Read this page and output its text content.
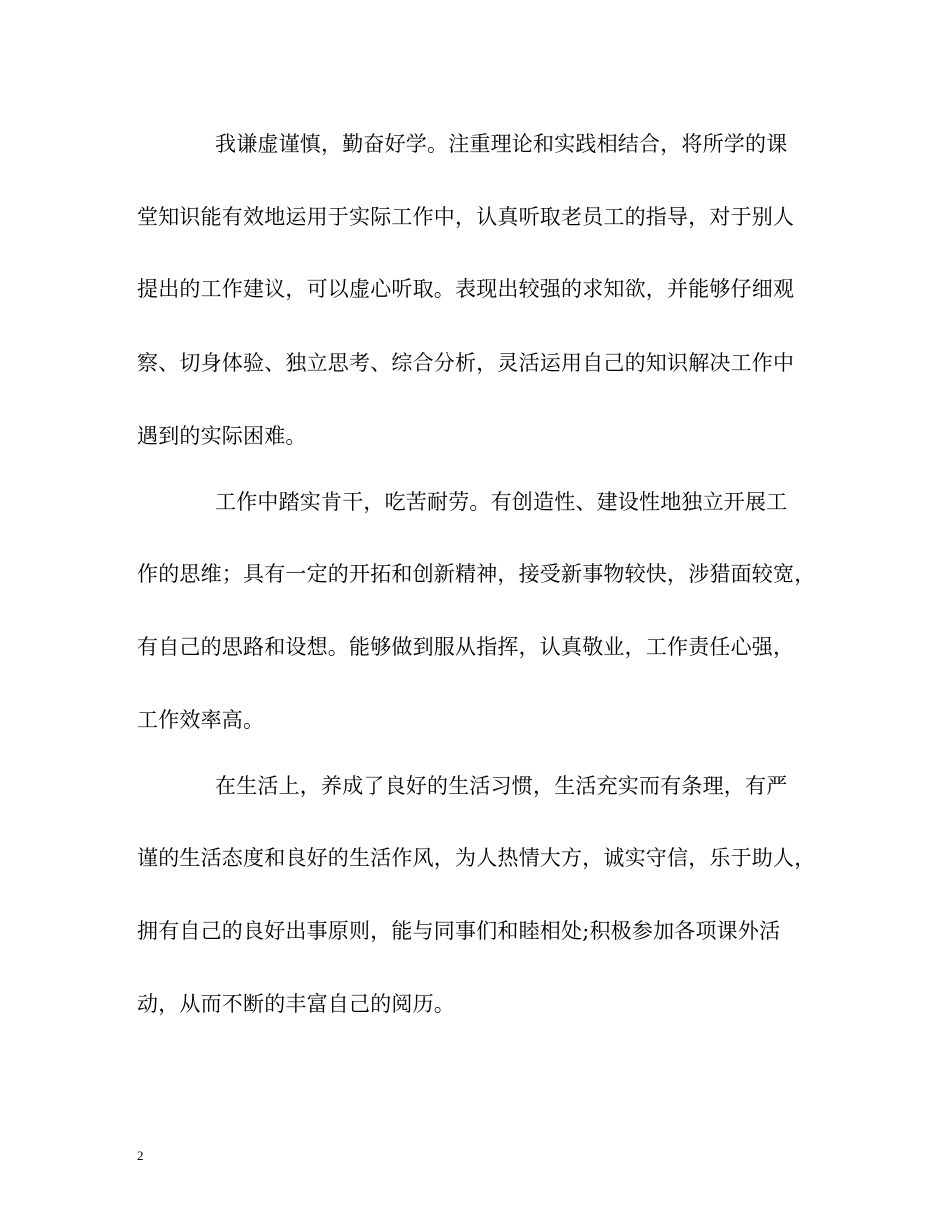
我谦虚谨慎，勤奋好学。注重理论和实践相结合，将所学的课
堂知识能有效地运用于实际工作中，认真听取老员工的指导，对于别人
提出的工作建议，可以虚心听取。表现出较强的求知欲，并能够仔细观
察、切身体验、独立思考、综合分析，灵活运用自己的知识解决工作中
遇到的实际困难。
工作中踏实肯干，吃苦耐劳。有创造性、建设性地独立开展工
作的思维；具有一定的开拓和创新精神，接受新事物较快，涉猎面较宽，
有自己的思路和设想。能够做到服从指挥，认真敬业，工作责任心强，
工作效率高。
在生活上，养成了良好的生活习惯，生活充实而有条理，有严
谨的生活态度和良好的生活作风，为人热情大方，诚实守信，乐于助人，
拥有自己的良好出事原则，能与同事们和睦相处;积极参加各项课外活
动，从而不断的丰富自己的阅历。
2
